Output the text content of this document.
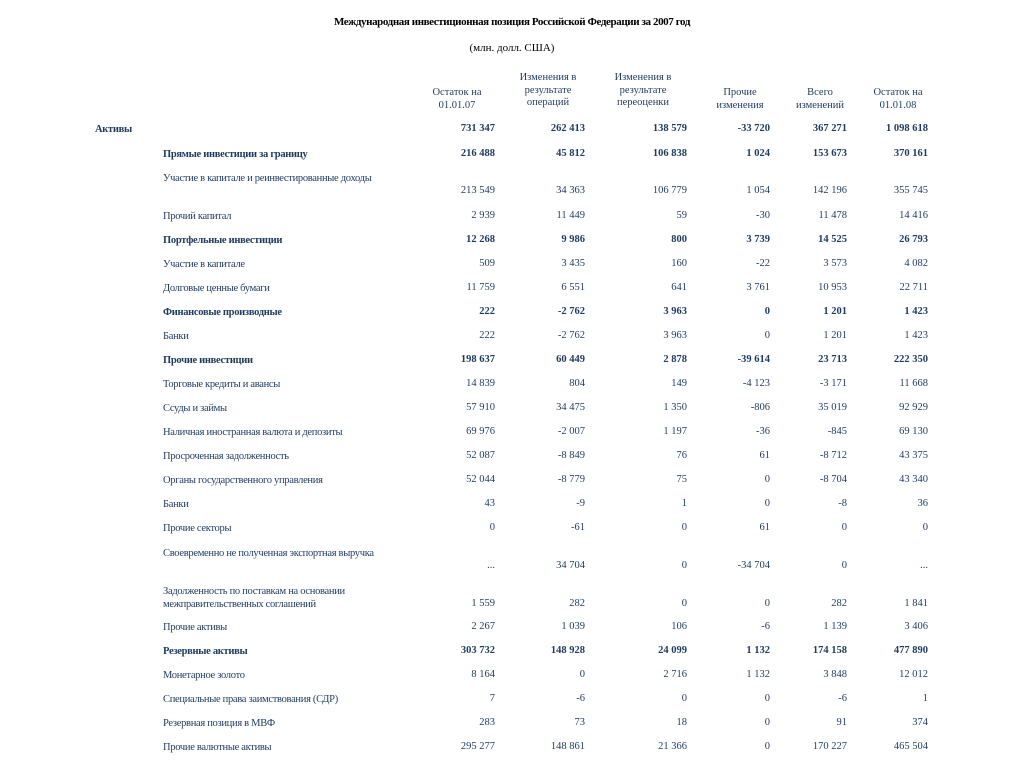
Международная инвестиционная позиция Российской Федерации за 2007 год
(млн. долл. США)
Остаток на
01.01.07
Изменения в
результате
операций
Изменения в
результате
переоценки
Прочие
изменения
Всего
изменений
Остаток на
01.01.08
Активы	731 347	262 413	138 579	-33 720	367 271	1 098 618
Прямые инвестиции за границу	216 488	45 812	106 838	1 024	153 673	370 161
Участие в капитале и реинвестированные доходы
213 549	34 363	106 779	1 054	142 196	355 745
Прочий капитал	2 939	11 449	59	-30	11 478	14 416
Портфельные инвестиции	12 268	9 986	800	3 739	14 525	26 793
Участие в капитале	509	3 435	160	-22	3 573	4 082
Долговые ценные бумаги	11 759	6 551	641	3 761	10 953	22 711
Финансовые производные	222	-2 762	3 963	0	1 201	1 423
Банки	222	-2 762	3 963	0	1 201	1 423
Прочие инвестиции	198 637	60 449	2 878	-39 614	23 713	222 350
Торговые кредиты и авансы	14 839	804	149	-4 123	-3 171	11 668
Ссуды и займы	57 910	34 475	1 350	-806	35 019	92 929
Наличная иностранная валюта и депозиты	69 976	-2 007	1 197	-36	-845	69 130
Просроченная задолженность	52 087	-8 849	76	61	-8 712	43 375
Органы государственного управления	52 044	-8 779	75	0	-8 704	43 340
Банки	43	-9	1	0	-8	36
Прочие секторы	0	-61	0	61	0	0
Своевременно не полученная экспортная выручка
...	34 704	0	-34 704	0	...
Задолженность по поставкам на основании межправительственных соглашений	1 559	282	0	0	282	1 841
Прочие активы	2 267	1 039	106	-6	1 139	3 406
Резервные активы	303 732	148 928	24 099	1 132	174 158	477 890
Монетарное золото	8 164	0	2 716	1 132	3 848	12 012
Специальные права заимствования (СДР)	7	-6	0	0	-6	1
Резервная позиция в МВФ	283	73	18	0	91	374
Прочие валютные активы	295 277	148 861	21 366	0	170 227	465 504
